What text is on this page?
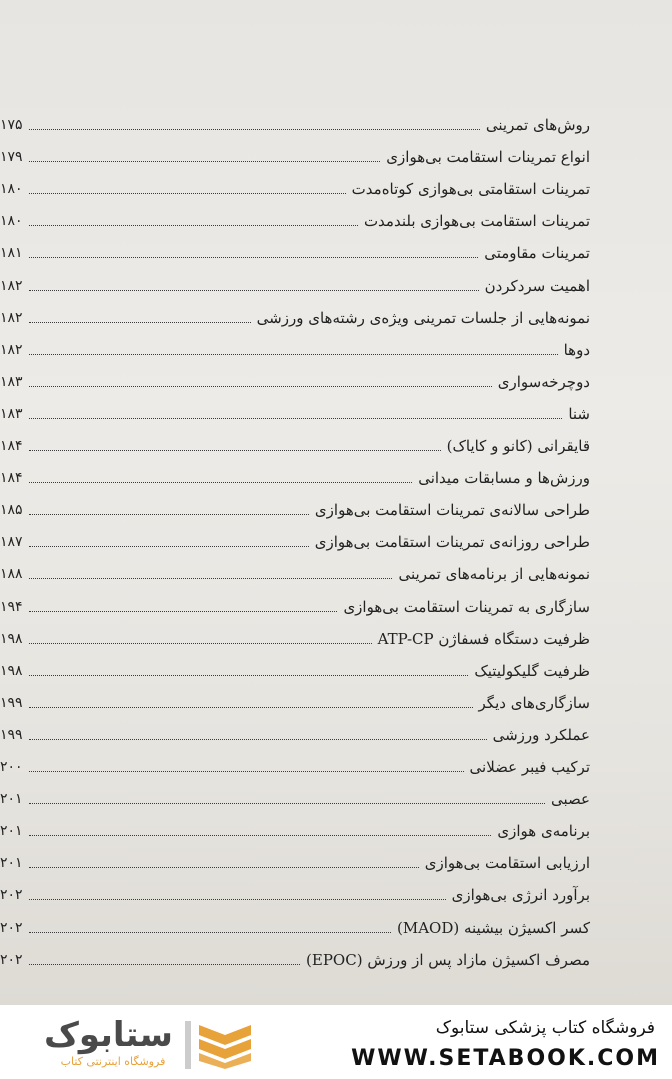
روش‌های تمرینی
۱۷۵
انواع تمرینات استقامت بی‌هوازی
۱۷۹
تمرینات استقامتی بی‌هوازی کوتاه‌مدت
۱۸۰
تمرینات استقامت بی‌هوازی بلندمدت
۱۸۰
تمرینات مقاومتی
۱۸۱
اهمیت سردکردن
۱۸۲
نمونه‌هایی از جلسات تمرینی ویژه‌ی رشته‌های ورزشی
۱۸۲
دوها
۱۸۲
دوچرخه‌سواری
۱۸۳
شنا
۱۸۳
قایقرانی (کانو و کایاک)
۱۸۴
ورزش‌ها و مسابقات میدانی
۱۸۴
طراحی سالانه‌ی تمرینات استقامت بی‌هوازی
۱۸۵
طراحی روزانه‌ی تمرینات استقامت بی‌هوازی
۱۸۷
نمونه‌هایی از برنامه‌های تمرینی
۱۸۸
سازگاری به تمرینات استقامت بی‌هوازی
۱۹۴
ظرفیت دستگاه فسفاژن ATP-CP
۱۹۸
ظرفیت گلیکولیتیک
۱۹۸
سازگاری‌های دیگر
۱۹۹
عملکرد ورزشی
۱۹۹
ترکیب فیبر عضلانی
۲۰۰
عصبی
۲۰۱
برنامه‌ی هوازی
۲۰۱
ارزیابی استقامت بی‌هوازی
۲۰۱
برآورد انرژی بی‌هوازی
۲۰۲
کسر اکسیژن بیشینه (MAOD)
۲۰۲
مصرف اکسیژن مازاد پس از ورزش (EPOC)
۲۰۲
ستابوک
فروشگاه اینترنتی کتاب
فروشگاه کتاب پزشکی ستابوک
WWW.SETABOOK.COM
